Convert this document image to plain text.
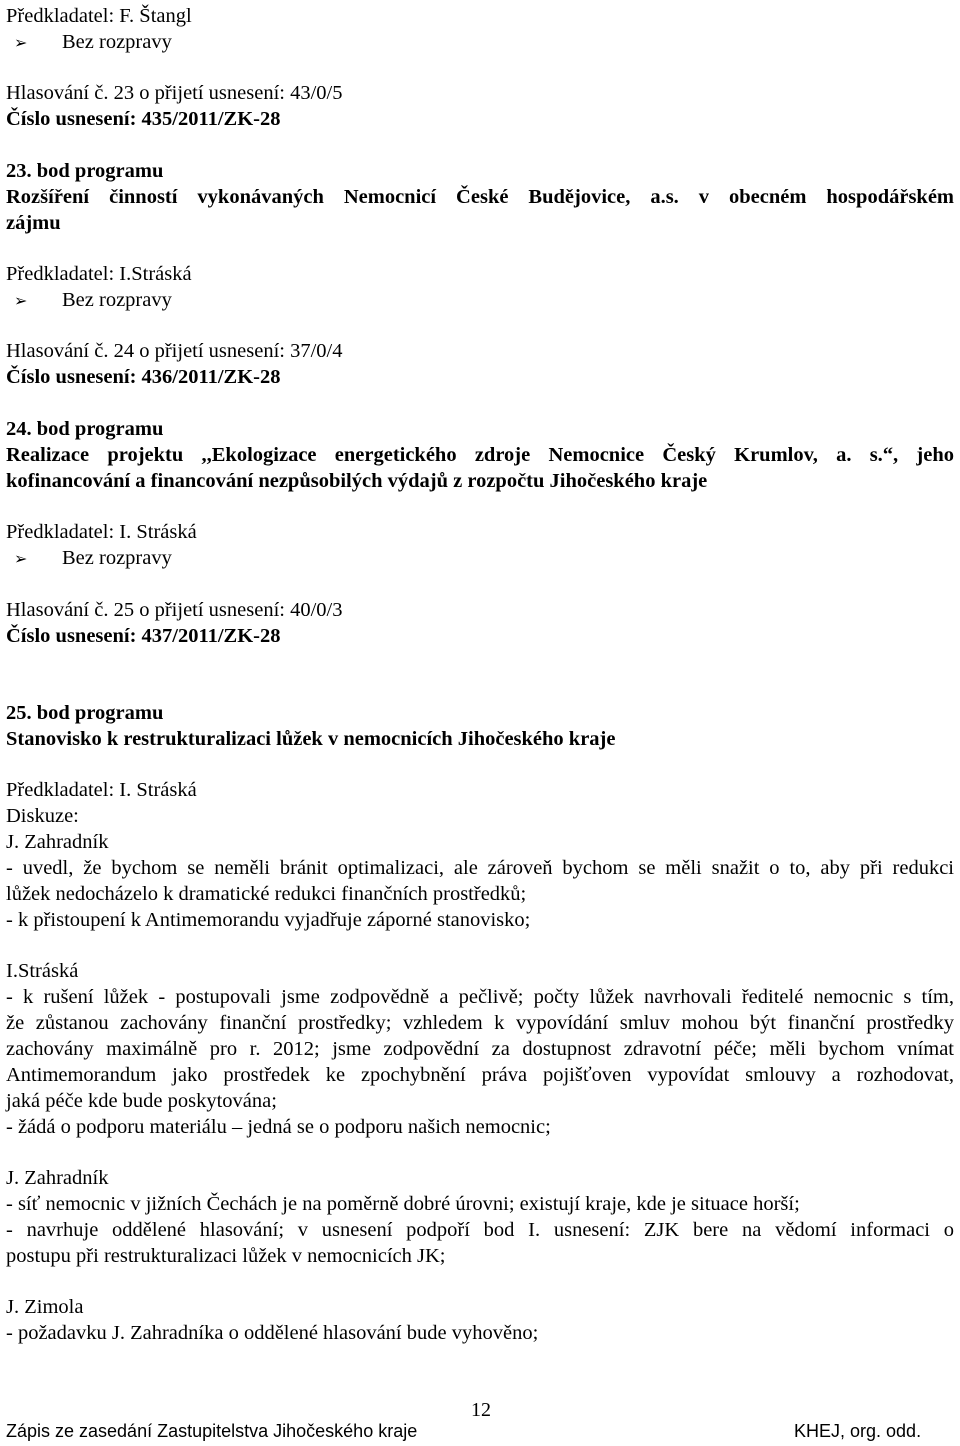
Předkladatel: F. Štangl
➢ Bez rozpravy
Hlasování č. 23 o přijetí usnesení: 43/0/5
Číslo usnesení: 435/2011/ZK-28
23. bod programu
Rozšíření činností vykonávaných Nemocnicí České Budějovice, a.s. v obecném hospodářském
zájmu
Předkladatel: I.Stráská
➢ Bez rozpravy
Hlasování č. 24 o přijetí usnesení: 37/0/4
Číslo usnesení: 436/2011/ZK-28
24. bod programu
Realizace projektu ,,Ekologizace energetického zdroje Nemocnice Český Krumlov, a. s.“, jeho
kofinancování a financování nezpůsobilých výdajů z rozpočtu Jihočeského kraje
Předkladatel: I. Stráská
➢ Bez rozpravy
Hlasování č. 25 o přijetí usnesení: 40/0/3
Číslo usnesení: 437/2011/ZK-28
25. bod programu
Stanovisko k restrukturalizaci lůžek v nemocnicích Jihočeského kraje
Předkladatel: I. Stráská
Diskuze:
J. Zahradník
- uvedl, že bychom se neměli bránit optimalizaci, ale zároveň bychom se měli snažit o to, aby při redukci
lůžek nedocházelo k dramatické redukci finančních prostředků;
- k přistoupení k Antimemorandu vyjadřuje záporné stanovisko;
I.Stráská
- k rušení lůžek - postupovali jsme zodpovědně a pečlivě; počty lůžek navrhovali ředitelé nemocnic s tím,
že zůstanou zachovány finanční prostředky; vzhledem k vypovídání smluv mohou být finanční prostředky
zachovány maximálně pro r. 2012; jsme zodpovědní za dostupnost zdravotní péče; měli bychom vnímat
Antimemorandum jako prostředek ke zpochybnění práva pojišťoven vypovídat smlouvy a rozhodovat,
jaká péče kde bude poskytována;
- žádá o podporu materiálu – jedná se o podporu našich nemocnic;
J. Zahradník
- síť nemocnic v jižních Čechách je na poměrně dobré úrovni; existují kraje, kde je situace horší;
- navrhuje oddělené hlasování; v usnesení podpoří bod I. usnesení: ZJK bere na vědomí informaci o
postupu při restrukturalizaci lůžek v nemocnicích JK;
J. Zimola
- požadavku J. Zahradníka o oddělené hlasování bude vyhověno;
12
Zápis ze zasedání Zastupitelstva Jihočeského kraje	KHEJ, org. odd.
